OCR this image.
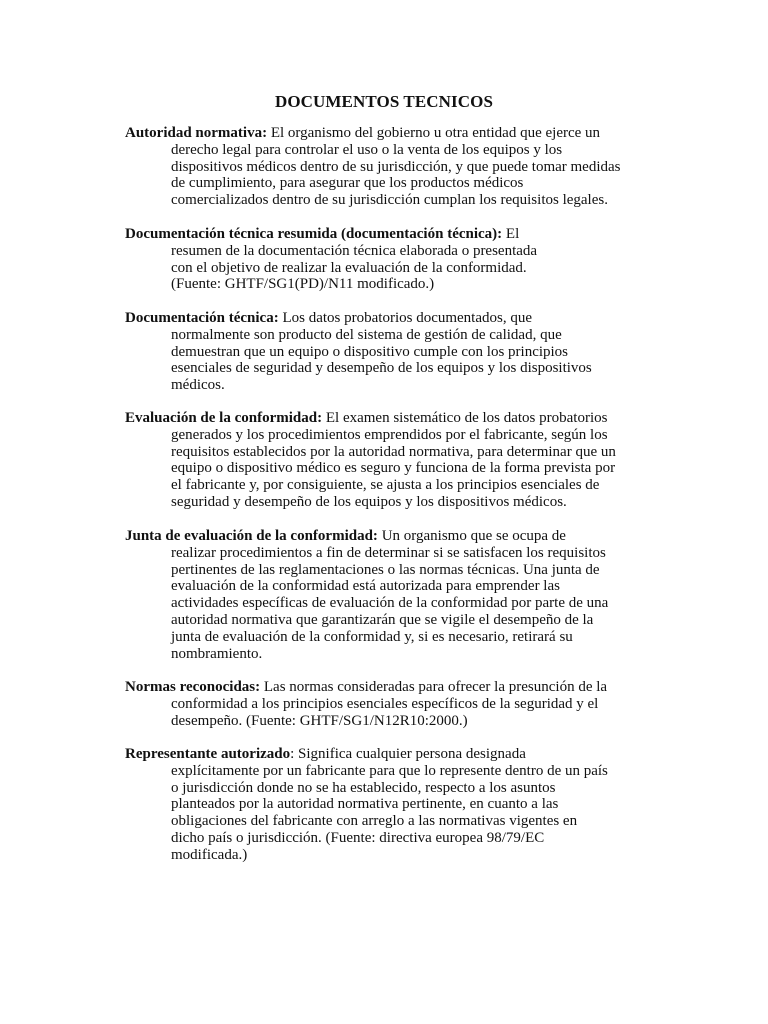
DOCUMENTOS TECNICOS
Autoridad normativa: El organismo del gobierno u otra entidad que ejerce un
derecho legal para controlar el uso o la venta de los equipos y los
dispositivos médicos dentro de su jurisdicción, y que puede tomar medidas
de cumplimiento, para asegurar que los productos médicos
comercializados dentro de su jurisdicción cumplan los requisitos legales.
Documentación técnica resumida (documentación técnica): El
resumen de la documentación técnica elaborada o presentada
con el objetivo de realizar la evaluación de la conformidad.
(Fuente: GHTF/SG1(PD)/N11 modificado.)
Documentación técnica: Los datos probatorios documentados, que
normalmente son producto del sistema de gestión de calidad, que
demuestran que un equipo o dispositivo cumple con los principios
esenciales de seguridad y desempeño de los equipos y los dispositivos
médicos.
Evaluación de la conformidad: El examen sistemático de los datos probatorios
generados y los procedimientos emprendidos por el fabricante, según los
requisitos establecidos por la autoridad normativa, para determinar que un
equipo o dispositivo médico es seguro y funciona de la forma prevista por
el fabricante y, por consiguiente, se ajusta a los principios esenciales de
seguridad y desempeño de los equipos y los dispositivos médicos.
Junta de evaluación de la conformidad: Un organismo que se ocupa de
realizar procedimientos a fin de determinar si se satisfacen los requisitos
pertinentes de las reglamentaciones o las normas técnicas. Una junta de
evaluación de la conformidad está autorizada para emprender las
actividades específicas de evaluación de la conformidad por parte de una
autoridad normativa que garantizarán que se vigile el desempeño de la
junta de evaluación de la conformidad y, si es necesario, retirará su
nombramiento.
Normas reconocidas: Las normas consideradas para ofrecer la presunción de la
conformidad a los principios esenciales específicos de la seguridad y el
desempeño. (Fuente: GHTF/SG1/N12R10:2000.)
Representante autorizado: Significa cualquier persona designada
explícitamente por un fabricante para que lo represente dentro de un país
o jurisdicción donde no se ha establecido, respecto a los asuntos
planteados por la autoridad normativa pertinente, en cuanto a las
obligaciones del fabricante con arreglo a las normativas vigentes en
dicho país o jurisdicción. (Fuente: directiva europea 98/79/EC
modificada.)
